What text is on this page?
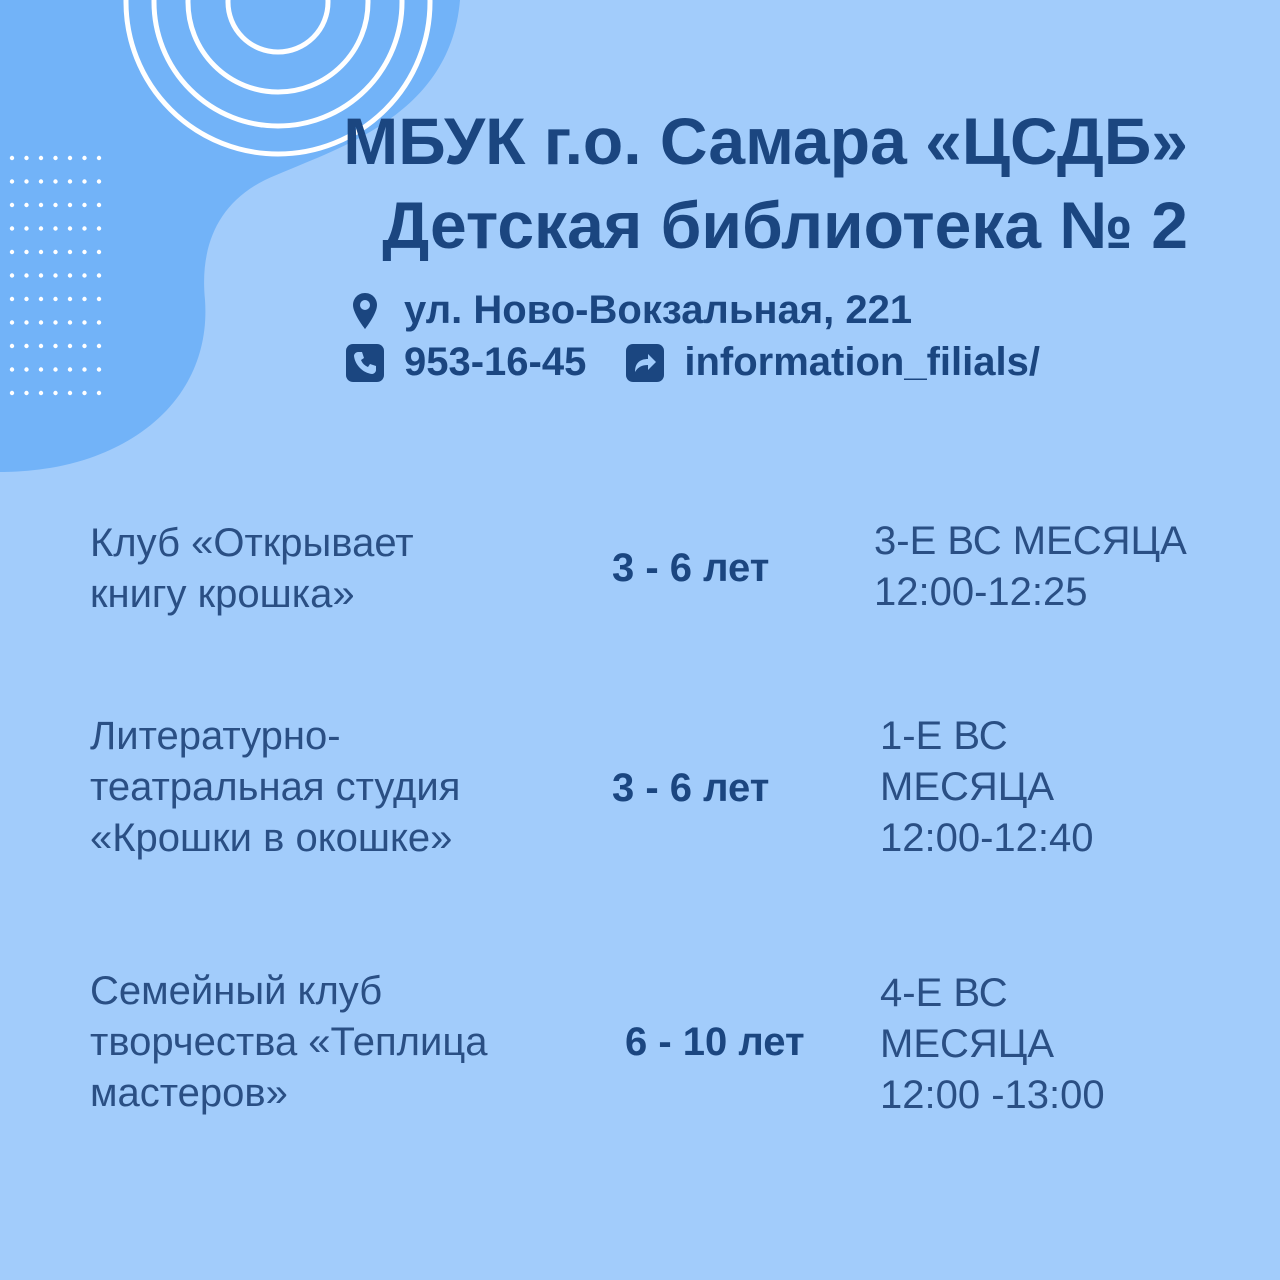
МБУК г.о. Самара «ЦСДБ»
Детская библиотека № 2
ул. Ново-Вокзальная, 221
953-16-45 information_filials/
Клуб «Открывает
книгу крошка»
3 - 6 лет
3-Е ВС МЕСЯЦА
12:00-12:25
Литературно-
театральная студия
«Крошки в окошке»
3 - 6 лет
1-Е ВС
МЕСЯЦА
12:00-12:40
Семейный клуб
творчества «Теплица
мастеров»
6 - 10 лет
4-Е ВС
МЕСЯЦА
12:00 -13:00
